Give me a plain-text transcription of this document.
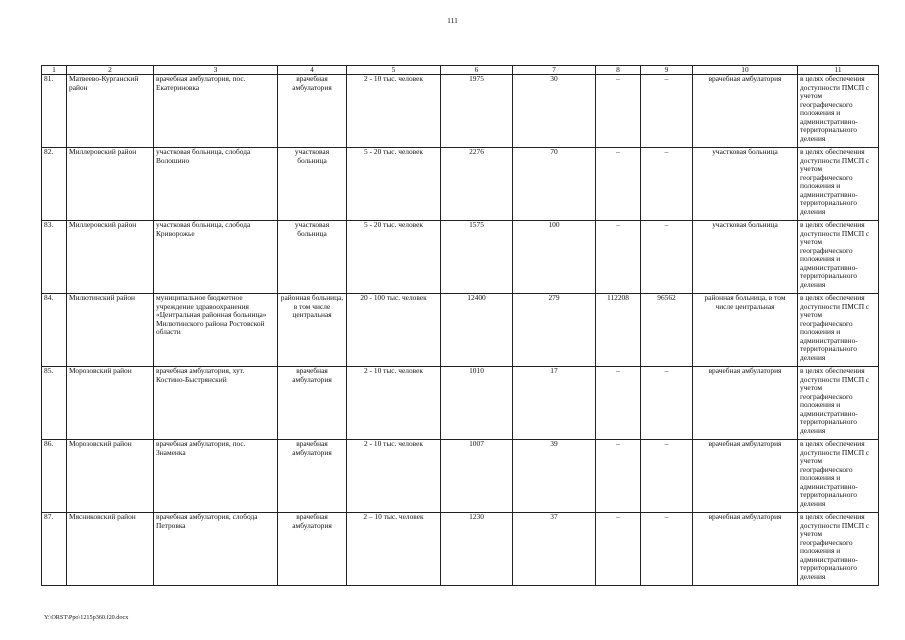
111
1	2	3	4	5	6	7	8	9	10	11
81.	Матвеево-Курганский район	врачебная амбулатория, пос. Екатериновка	врачебная амбулатория	2 - 10 тыс. человек	1975	30	–	–	врачебная амбулатория	в целях обеспечения доступности ПМСП с учетом географического положения и административно-территориального деления
82.	Миллеровский район	участковая больница, слобода Волошино	участковая больница	5 - 20 тыс. человек	2276	70	–	–	участковая больница	в целях обеспечения доступности ПМСП с учетом географического положения и административно-территориального деления
83.	Миллеровский район	участковая больница, слобода Криворожье	участковая больница	5 - 20 тыс. человек	1575	100	–	–	участковая больница	в целях обеспечения доступности ПМСП с учетом географического положения и административно-территориального деления
84.	Милютинский район	муниципальное бюджетное учреждение здравоохранения «Центральная районная больница» Милютинского района Ростовской области	районная больница, в том числе центральная	20 - 100 тыс. человек	12400	279	112208	96562	районная больница, в том числе центральная	в целях обеспечения доступности ПМСП с учетом географического положения и административно-территориального деления
85.	Морозовский район	врачебная амбулатория, хут. Костино-Быстрянский	врачебная амбулатория	2 - 10 тыс. человек	1010	17	–	–	врачебная амбулатория	в целях обеспечения доступности ПМСП с учетом географического положения и административно-территориального деления
86.	Морозовский район	врачебная амбулатория, пос. Знаменка	врачебная амбулатория	2 - 10 тыс. человек	1007	39	–	–	врачебная амбулатория	в целях обеспечения доступности ПМСП с учетом географического положения и административно-территориального деления
87.	Мясниковский район	врачебная амбулатория, слобода Петровка	врачебная амбулатория	2 – 10 тыс. человек	1230	37	–	–	врачебная амбулатория	в целях обеспечения доступности ПМСП с учетом географического положения и административно-территориального деления
Y:\ORST\Ppo\1215p360.f20.docx
